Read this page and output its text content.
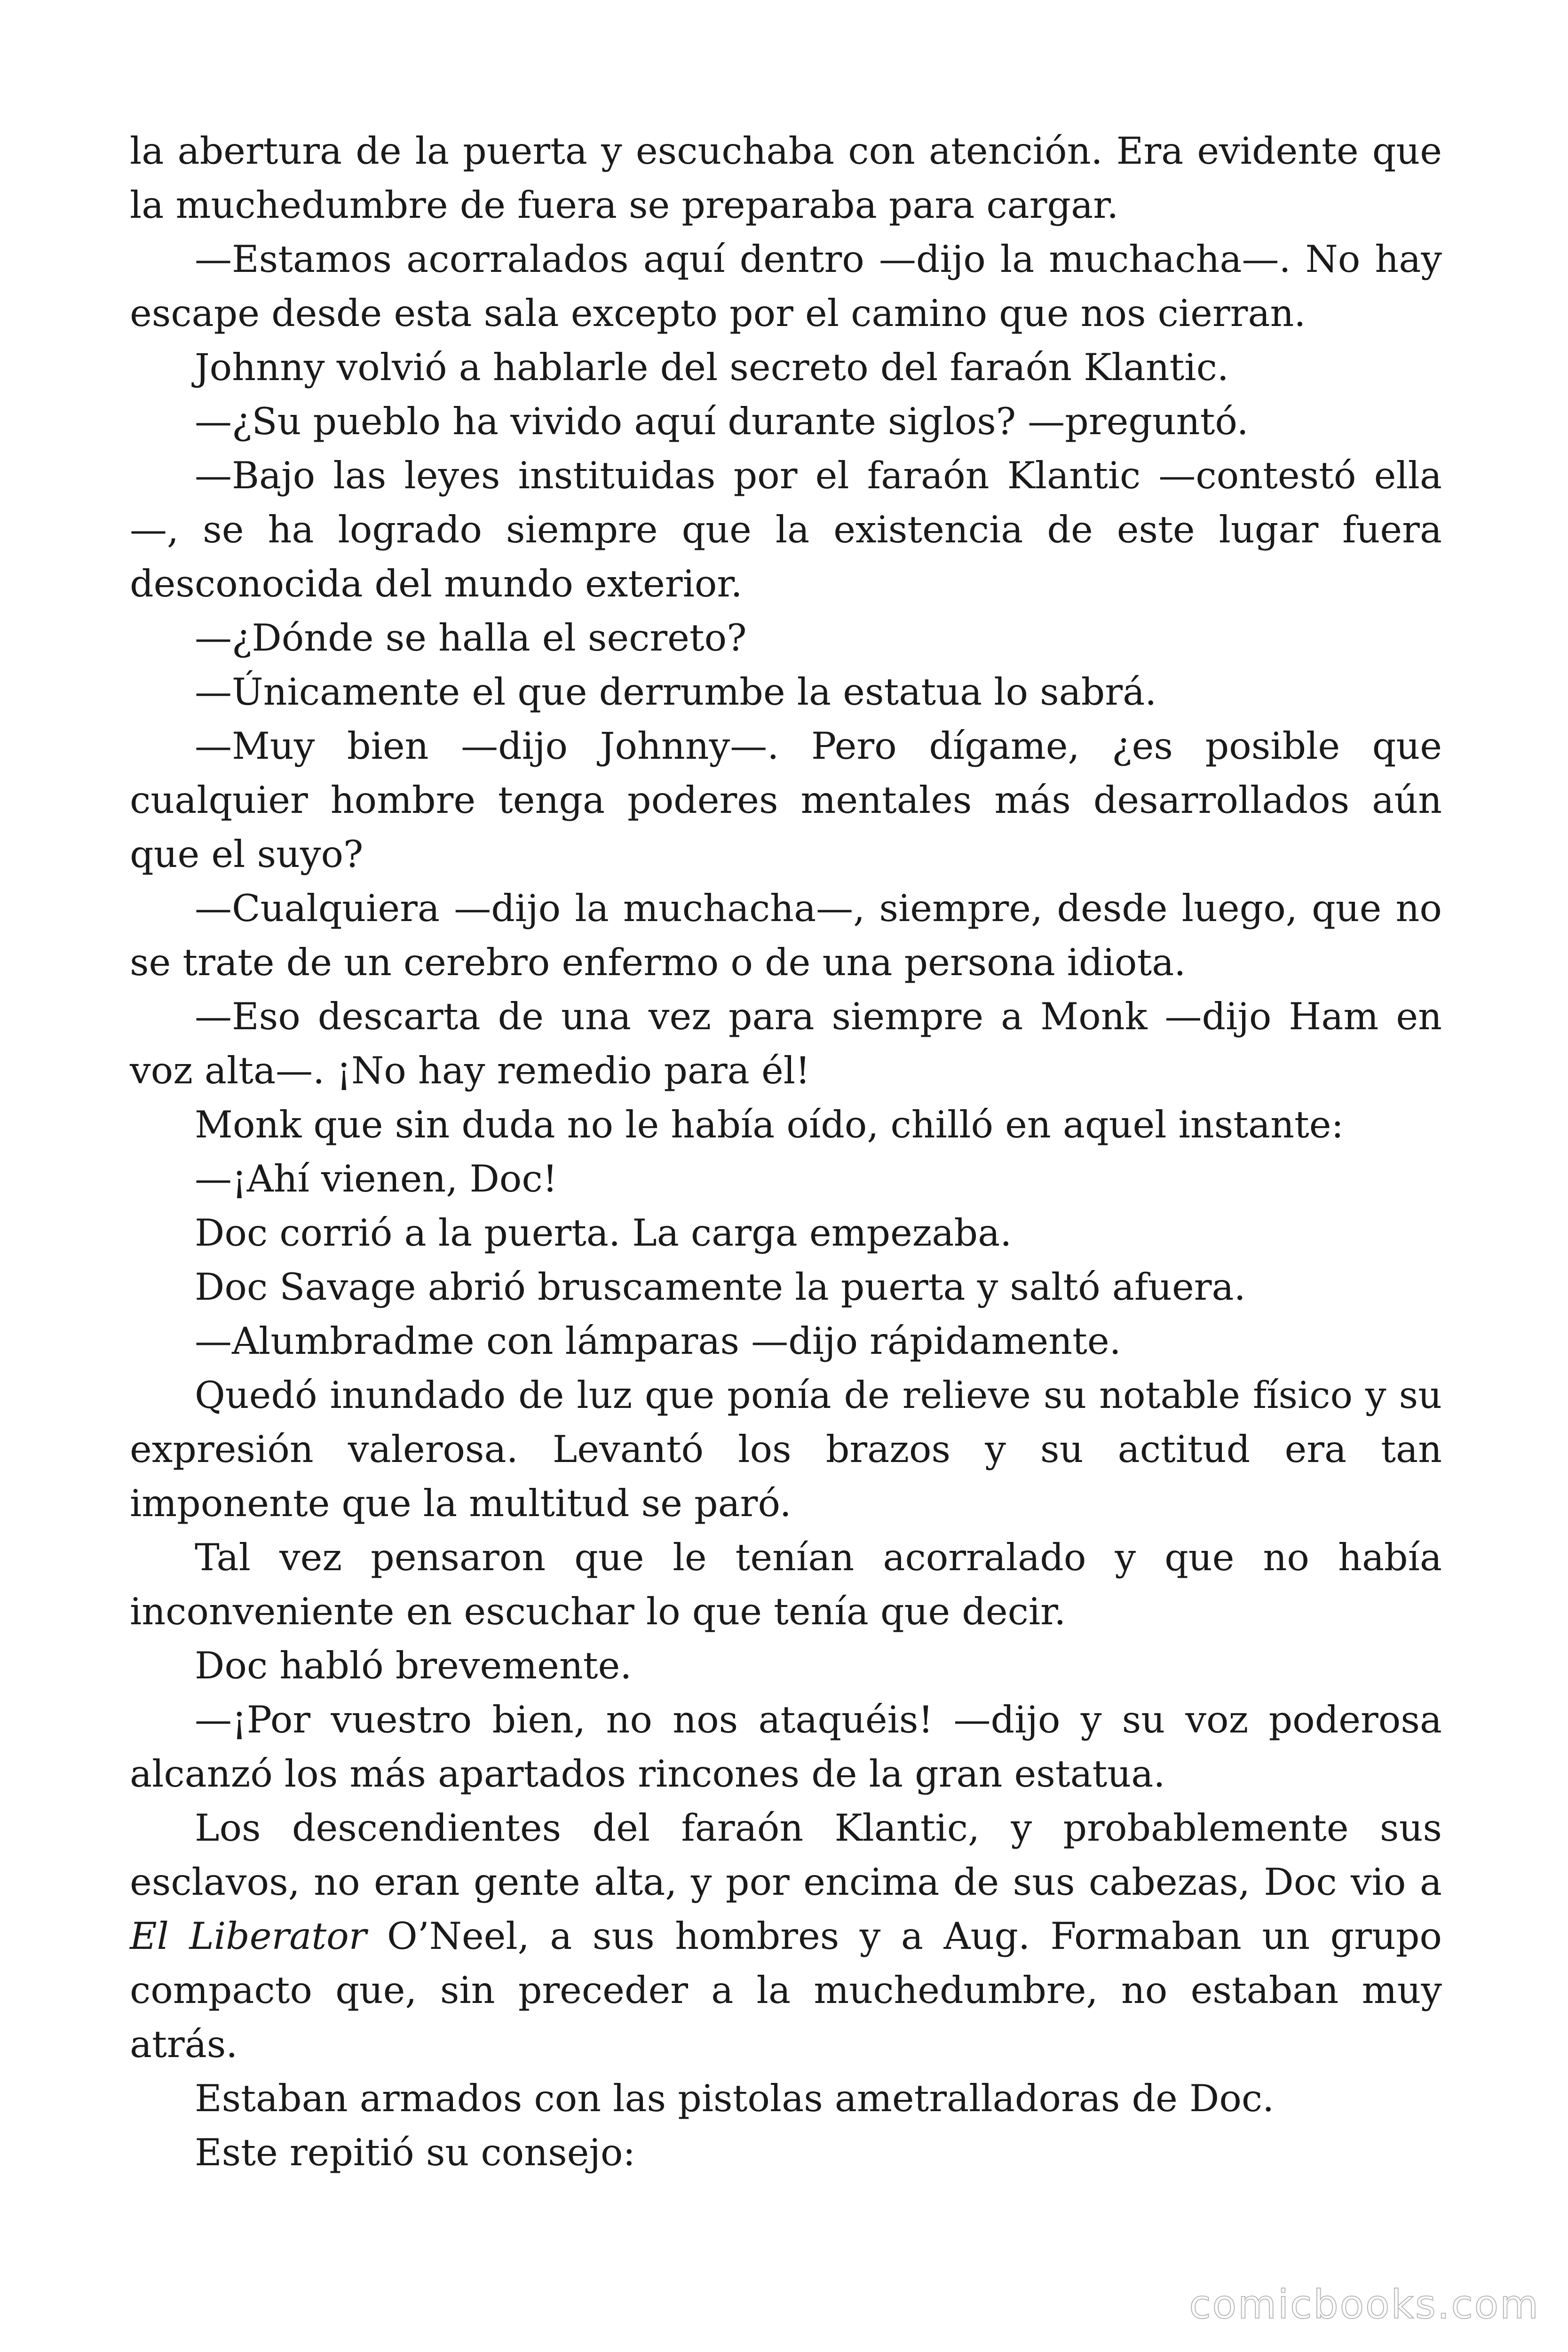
la abertura de la puerta y escuchaba con atención. Era evidente que la muchedumbre de fuera se preparaba para cargar.

—Estamos acorralados aquí dentro —dijo la muchacha—. No hay escape desde esta sala excepto por el camino que nos cierran.

Johnny volvió a hablarle del secreto del faraón Klantic.

—¿Su pueblo ha vivido aquí durante siglos? —preguntó.

—Bajo las leyes instituidas por el faraón Klantic —contestó ella —, se ha logrado siempre que la existencia de este lugar fuera desconocida del mundo exterior.

—¿Dónde se halla el secreto?

—Únicamente el que derrumbe la estatua lo sabrá.

—Muy bien —dijo Johnny—. Pero dígame, ¿es posible que cualquier hombre tenga poderes mentales más desarrollados aún que el suyo?

—Cualquiera —dijo la muchacha—, siempre, desde luego, que no se trate de un cerebro enfermo o de una persona idiota.

—Eso descarta de una vez para siempre a Monk —dijo Ham en voz alta—. ¡No hay remedio para él!

Monk que sin duda no le había oído, chilló en aquel instante:

—¡Ahí vienen, Doc!

Doc corrió a la puerta. La carga empezaba.

Doc Savage abrió bruscamente la puerta y saltó afuera.

—Alumbradme con lámparas —dijo rápidamente.

Quedó inundado de luz que ponía de relieve su notable físico y su expresión valerosa. Levantó los brazos y su actitud era tan imponente que la multitud se paró.

Tal vez pensaron que le tenían acorralado y que no había inconveniente en escuchar lo que tenía que decir.

Doc habló brevemente.

—¡Por vuestro bien, no nos ataquéis! —dijo y su voz poderosa alcanzó los más apartados rincones de la gran estatua.

Los descendientes del faraón Klantic, y probablemente sus esclavos, no eran gente alta, y por encima de sus cabezas, Doc vio a El Liberator O’Neel, a sus hombres y a Aug. Formaban un grupo compacto que, sin preceder a la muchedumbre, no estaban muy atrás.

Estaban armados con las pistolas ametralladoras de Doc.

Este repitió su consejo:

comicbooks.com
